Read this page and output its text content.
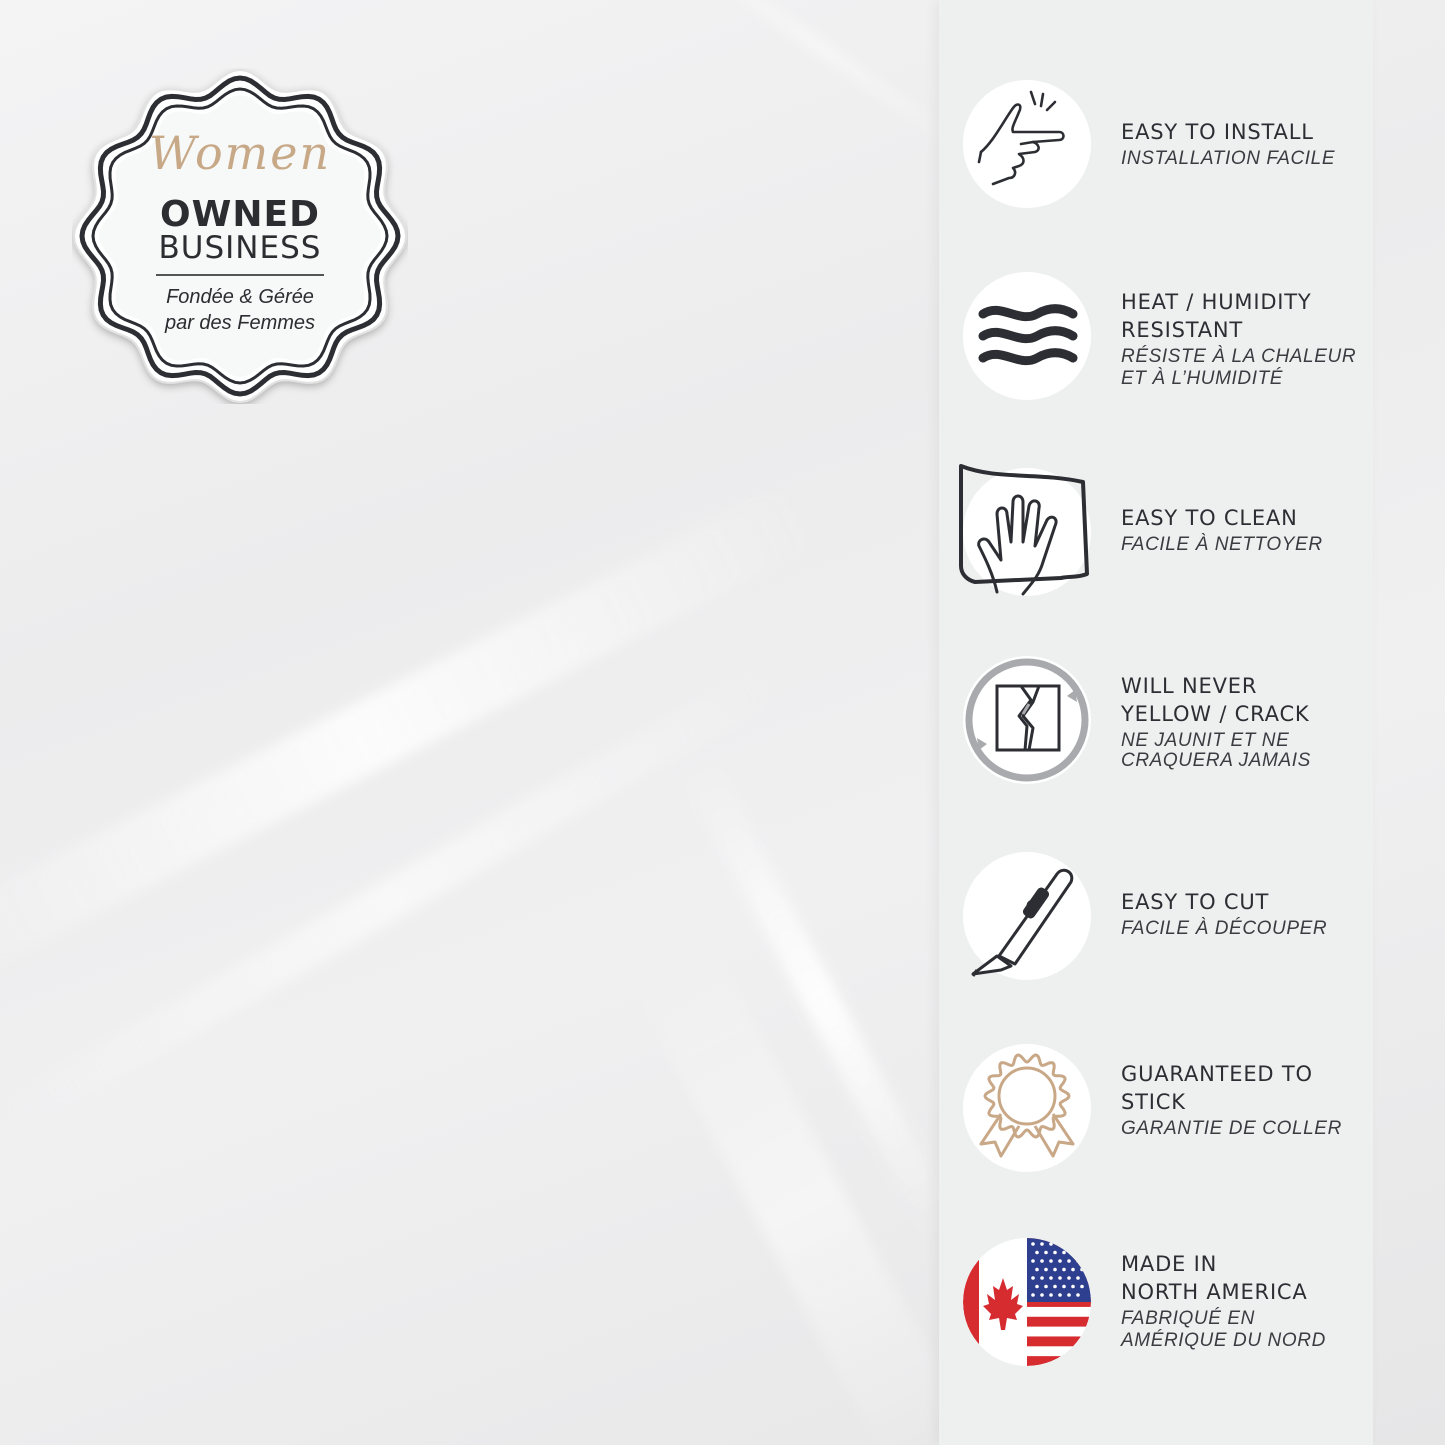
Women
OWNED
BUSINESS
Fondée & Gérée
par des Femmes
EASY TO INSTALL
INSTALLATION FACILE
HEAT / HUMIDITY
RESISTANT
RÉSISTE À LA CHALEUR
ET À L’HUMIDITÉ
EASY TO CLEAN
FACILE À NETTOYER
WILL NEVER
YELLOW / CRACK
NE JAUNIT ET NE
CRAQUERA JAMAIS
EASY TO CUT
FACILE À DÉCOUPER
GUARANTEED TO
STICK
GARANTIE DE COLLER
MADE IN
NORTH AMERICA
FABRIQUÉ EN
AMÉRIQUE DU NORD
